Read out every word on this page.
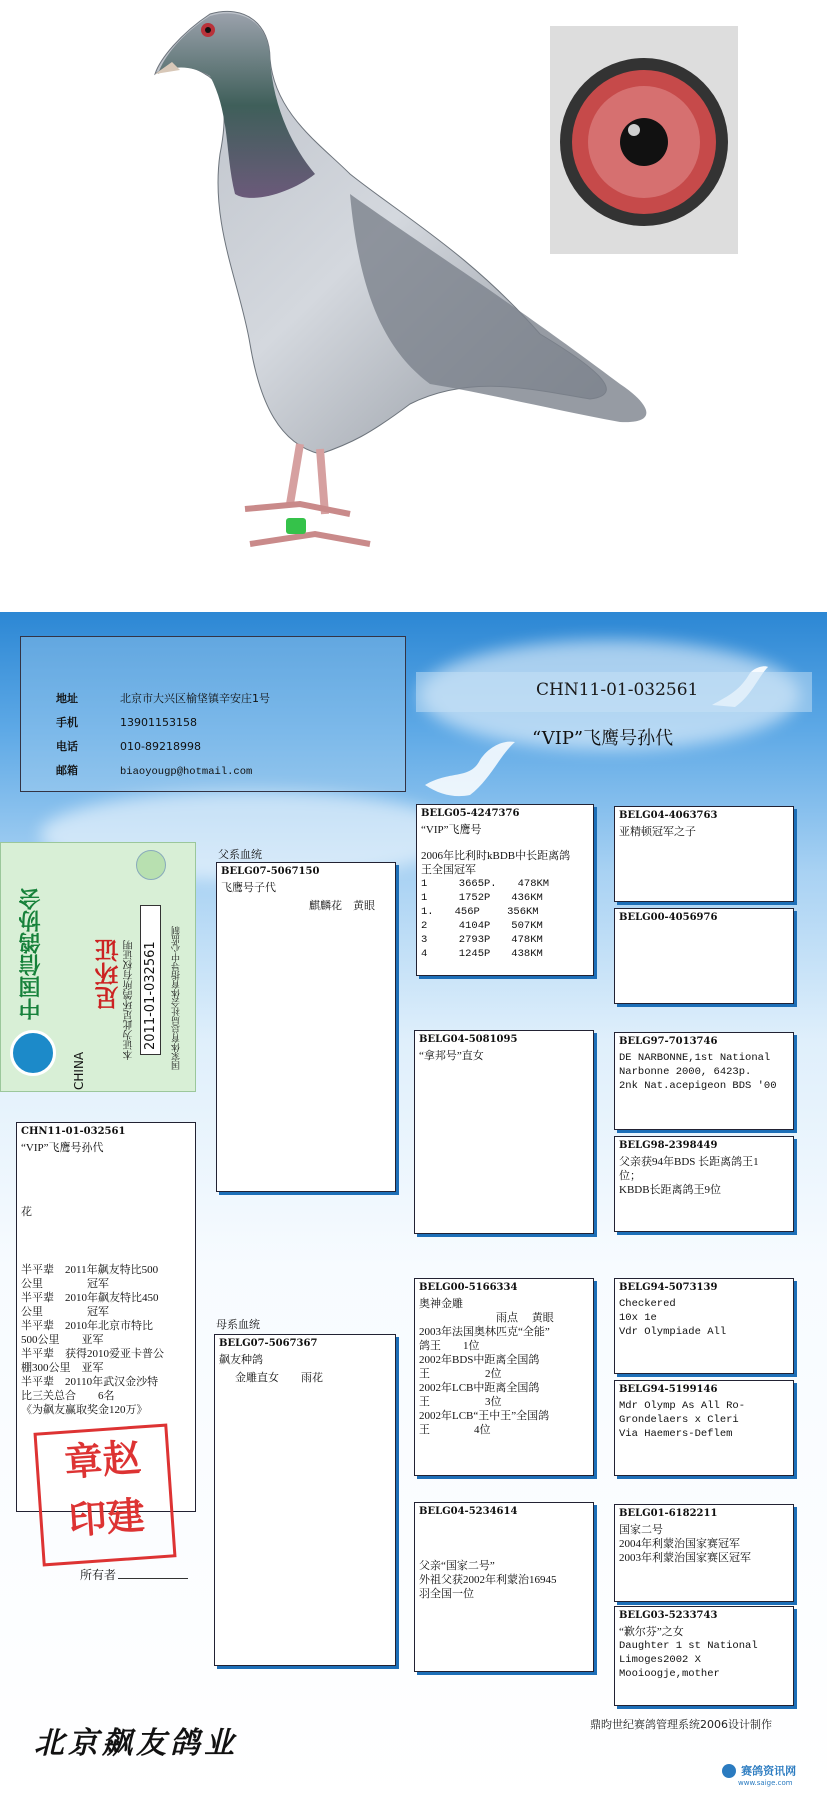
地址	北京市大兴区榆垡镇辛安庄1号
手机	13901153158
电话	010-89218998
邮箱	biaoyougp@hotmail.com
CHN11-01-032561
“VIP”飞鹰号孙代
中国信鸽协会 足环证 本证为此足环鸽所有权证明 2011-01-032561	国家体育总局社会体育指导中心监制
CHINA
父系血统
母系血统
CHN11-01-032561
“VIP”飞鹰号孙代
花
半平辈　2011年飙友特比500
公里　　　　冠军
半平辈　2010年飙友特比450
公里　　　　冠军
半平辈　2010年北京市特比
500公里　　亚军
半平辈　获得2010爱亚卡普公
棚300公里　亚军
半平辈　20110年武汉金沙特
比三关总合　　6名
《为飙友赢取奖金120万》
章赵
印建
所有者
BELG07-5067150
飞鹰号子代
麒麟花　黄眼
BELG07-5067367
飙友种鸽
金雕直女　　雨花
BELG05-4247376
“VIP”飞鹰号
2006年比利时kBDB中长距离鸽
王全国冠军
1　　　3665P.　　478KM
1　　　1752P　　436KM
1.　　456P　　 356KM
2　　　4104P　　507KM
3　　　2793P　　478KM
4　　　1245P　　438KM
BELG04-5081095
“拿邦号”直女
BELG00-5166334
奥神金雕
　　　　　　　雨点　 黄眼
2003年法国奥林匹克“全能”
鸽王　　1位
2002年BDS中距离全国鸽
王　　　　　2位
2002年LCB中距离全国鸽
王　　　　　3位
2002年LCB“王中王”全国鸽
王　　　　4位
BELG04-5234614
父亲“国家二号”
外祖父获2002年利蒙治16945
羽全国一位
BELG04-4063763
亚精顿冠军之子
BELG00-4056976
BELG97-7013746
DE NARBONNE,1st National
Narbonne 2000, 6423p.
2nk Nat.acepigeon BDS '00
BELG98-2398449
父亲获94年BDS 长距离鸽王1
位；
KBDB长距离鸽王9位
BELG94-5073139
Checkered
10x 1e
Vdr Olympiade All
BELG94-5199146
Mdr Olymp As All Ro-
Grondelaers x Cleri
Via Haemers-Deflem
BELG01-6182211
国家二号
2004年利蒙治国家赛冠军
2003年利蒙治国家赛区冠军
BELG03-5233743
“歉尔芬”之女
Daughter 1 st National
Limoges2002 X
Mooioogje,mother
北京飙友鸽业
鼎昀世纪赛鸽管理系统2006设计制作
赛鸽资讯网
www.saige.com
